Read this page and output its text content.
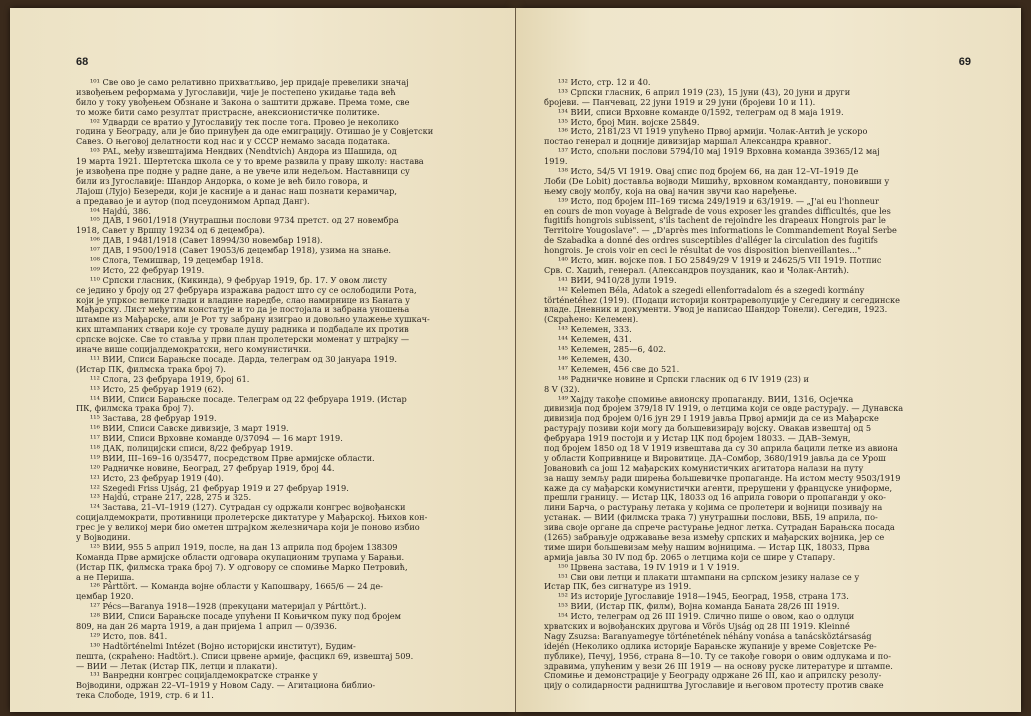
68
¹⁰¹ Све ово је само релативно прихватљиво, јер придаје превелики значај
извођењем реформама у Југославији, чије је постепено укидање тада већ
било у току увођењем Обзнане и Закона о заштити државе. Према томе, све
то може бити само резултат пристрасне, анексионистичке политике.
¹⁰² Удварди се вратио у Југославију тек после тога. Провео је неколико
година у Београду, али је био принуђен да оде емиграцију. Отишао је у Совјетски
Савез. О његовој делатности код нас и у СССР немамо засада података.
¹⁰³ PAL, међу извештајима Нендвих (Nendtvich) Андора из Шашида, од
19 марта 1921. Шертетска школа се у то време развила у праву школу: настава
је извођена пре подне у радне дане, а не увече или недељом. Наставници су
били из Југославије: Шандор Андорка, о коме је већ било говора, и
Лајош (Лујо) Безереди, који је касније а и данас наш познати керамичар,
а предавао је и аутор (под псеудонимом Арпад Данг).
¹⁰⁴ Hajdú, 386.
¹⁰⁵ ДАВ, I 9601/1918 (Унутрашњи послови 9734 претст. од 27 новембра
1918, Савет у Вршцу 19234 од 6 децембра).
¹⁰⁶ ДАВ, I 9481/1918 (Савет 18994/30 новембар 1918).
¹⁰⁷ ДАВ, I 9500/1918 (Савет 19053/6 децембар 1918), узима на знање.
¹⁰⁸ Слога, Темишвар, 19 децембар 1918.
¹⁰⁹ Исто, 22 фебруар 1919.
¹¹⁰ Српски гласник, (Кикинда), 9 фебруар 1919, бр. 17. У овом листу
се једино у броју од 27 фебруара изражава радост што су се ослободили Рота,
који је упркос велике глади и владине наредбе, слао намирнице из Баната у
Мађарску. Лист међутим констатује и то да је постојала и забрана уношења
штампе из Мађарске, али је Рот ту забрану изиграо и довољно улажење хушкач-
ких штампаних ствари које су тровале душу радника и подбадале их против
српске војске. Све то ставља у први план пролетерски моменат у штрајку —
иначе више социјалдемократски, него комунистички.
¹¹¹ ВИИ, Списи Барањске посаде. Дарда, телеграм од 30 јануара 1919.
(Истар ПК, филмска трака број 7).
¹¹² Слога, 23 фебруара 1919, број 61.
¹¹³ Исто, 25 фебруар 1919 (62).
¹¹⁴ ВИИ, Списи Барањске посаде. Телеграм од 22 фебруара 1919. (Истар
ПК, филмска трака број 7).
¹¹⁵ Застава, 28 фебруар 1919.
¹¹⁶ ВИИ, Списи Савске дивизије, 3 март 1919.
¹¹⁷ ВИИ, Списи Врховне команде 0/37094 — 16 март 1919.
¹¹⁸ ДАК, полицијски списи, 8/22 фебруар 1919.
¹¹⁹ ВИИ, III–169–16 0/35477, посредством Прве армијске области.
¹²⁰ Радничке новине, Београд, 27 фебруар 1919, број 44.
¹²¹ Исто, 23 фебруар 1919 (40).
¹²² Szegedi Friss Ujság, 21 фебруар 1919 и 27 фебруар 1919.
¹²³ Hajdú, стране 217, 228, 275 и 325.
¹²⁴ Застава, 21–VI–1919 (127). Сутрадан су одржали конгрес војвођански
социјалдемократи, противници пролетерске диктатуре у Мађарској. Њихов кон-
грес је у великој мери био ометен штрајком железничара који је поново избио
у Војводини.
¹²⁵ ВИИ, 955 5 април 1919, после, на дан 13 априла под бројем 138309
Команда Прве армијске области одговара окупационим трупама у Барањи.
(Истар ПК, филмска трака број 7). У одговору се спомиње Марко Петровић,
а не Периша.
¹²⁶ Párttört. — Команда војне области у Капошвару, 1665/6 — 24 де-
цембар 1920.
¹²⁷ Pécs—Baranya 1918—1928 (прекуцани материјал у Párttört.).
¹²⁸ ВИИ, Списи Барањске посаде упућени II Коњичком пуку под бројем
809, на дан 26 марта 1919, а дан пријема 1 април — 0/3936.
¹²⁹ Исто, пов. 841.
¹³⁰ Hadtörténelmi Intézet (Војно историјски институт), Будим-
пешта, (скраћено: Hadtört.). Списи црвене армије, фасцикл 69, извештај 509.
— ВИИ — Летак (Истар ПК, летци и плакати).
¹³¹ Ванредни конгрес социјалдемократске странке у
Војводини, одржан 22–VI–1919 у Новом Саду. — Агитациона библио-
тека Слободе, 1919, стр. 6 и 11.
69
¹³² Исто, стр. 12 и 40.
¹³³ Српски гласник, 6 април 1919 (23), 15 јуни (43), 20 јуни и други
бројеви. — Панчевац, 22 јуни 1919 и 29 јуни (бројеви 10 и 11).
¹³⁴ ВИИ, списи Врховне команде 0/1592, телеграм од 8 маја 1919.
¹³⁵ Исто, број Мин. војске 25849.
¹³⁶ Исто, 2181/23 VI 1919 упућено Првој армији. Чолак-Антић је ускоро
постао генерал и доцније дивизијар маршал Александра кравног.
¹³⁷ Исто, спољни послови 5794/10 мај 1919 Врховна команда 39365/12 мај
1919.
¹³⁸ Исто, 54/5 VI 1919. Овај спис под бројем 66, на дан 12–VI–1919 Де
Лоби (De Lobit) доставља војводи Мишићу, врховном команданту, поновивши у
њему своју молбу, која на овај начин звучи као наређење.
¹³⁹ Исто, под бројем III–169 тисма 249/1919 и 63/1919. — „J'ai eu l'honneur
en cours de mon voyage à Belgrade de vous exposer les grandes difficultés, que les
fugitifs hongrois subissent, s'ils tachent de rejoindre les drapeaux Hongrois par le
Territoire Yougoslave". — „D'après mes informations le Commandement Royal Serbe
de Szabadka a donné des ordres susceptibles d'alléger la circulation des fugitifs
hongrois. Je crois voir en ceci le résultat de vos disposition bienveillantes..."
¹⁴⁰ Исто, мин. војске пов. I БО 25849/29 V 1919 и 24625/5 VII 1919. Потпис
Срв. С. Хаџић, генерал. (Александров поузданик, као и Чолак-Антић).
¹⁴¹ ВИИ, 9410/28 јули 1919.
¹⁴² Kelemen Béla, Adatok a szegedi ellenforradalom és a szegedi kormány
történetéhez (1919). (Подаци историји контрареволуције у Сегедину и сегединске
владе. Дневник и документи. Увод је написао Шандор Тонели). Сегедин, 1923.
(Скраћено: Келемен).
¹⁴³ Келемен, 333.
¹⁴⁴ Келемен, 431.
¹⁴⁵ Келемен, 285—6, 402.
¹⁴⁶ Келемен, 430.
¹⁴⁷ Келемен, 456 све до 521.
¹⁴⁸ Радничке новине и Српски гласник од 6 IV 1919 (23) и
8 V (32).
¹⁴⁹ Хајду такође спомиње авионску пропаганду. ВИИ, 1316, Осјечка
дивизија под бројем 379/18 IV 1919, о летцима који се овде растурају. — Дунавска
дивизија под бројем 0/16 јун 29 I 1919 јавља Првој армији да се из Мађарске
растурају позиви који могу да бољшевизирају војску. Овакав извештај од 5
фебруара 1919 постоји и у Истар ЦК под бројем 18033. — ДАВ–Земун,
под бројем 1850 од 18 V 1919 извештава да су 30 априла бацили летке из авиона
у области Копривнице и Вировитице. ДА–Сомбор, 3680/1919 јавља да се Урош
Јовановић са још 12 мађарских комунистичких агитатора налази на путу
за нашу земљу ради ширења бољшевичке пропаганде. На истом месту 9503/1919
каже да су мађарски комунистички агенти, прерушени у француске униформе,
прешли границу. — Истар ЦК, 18033 од 16 априла говори о пропаганди у око-
лини Барча, о растурању летака у којима се пролетери и војници позивају на
устанак. — ВИИ (филмска трака 7) унутрашњи послови, ВББ, 19 априла, по-
зива своје органе да спрече растурање једног летка. Сутрадан Барањска посада
(1265) забрањује одржавање веза између српских и мађарских војника, јер се
тиме шири бољшевизам међу нашим војницима. — Истар ЦК, 18033, Прва
армија јавља 30 IV под бр. 2065 о летцима који се шире у Стапару.
¹⁵⁰ Црвена застава, 19 IV 1919 и 1 V 1919.
¹⁵¹ Сви ови летци и плакати штампани на српском језику налазе се у
Истар ПК, без сигнатуре из 1919.
¹⁵² Из историје Југославије 1918—1945, Београд, 1958, страна 173.
¹⁵³ ВИИ, (Истар ПК, филм), Војна команда Баната 28/26 III 1919.
¹⁵⁴ Исто, телеграм од 26 III 1919. Слично пише о овом, као о одлуци
хрватских и војвођанских другова и Vörös Ujság од 28 III 1919. Kleinné
Nagy Zsuzsa: Baranyamegye történetének néhány vonása a tanácsköztársaság
idején (Неколико одлика историје Барањске жупаније у време Совјетске Ре-
публике), Печуј, 1956, страна 8—10. Ту се такође говори о овим одлукама и по-
здравима, упућеним у вези 26 III 1919 — на основу руске литературе и штампе.
Спомиње и демонстрације у Београду одржане 26 III, као и априлску резолу-
цију о солидарности радништва Југославије и његовом протесту против свакe
